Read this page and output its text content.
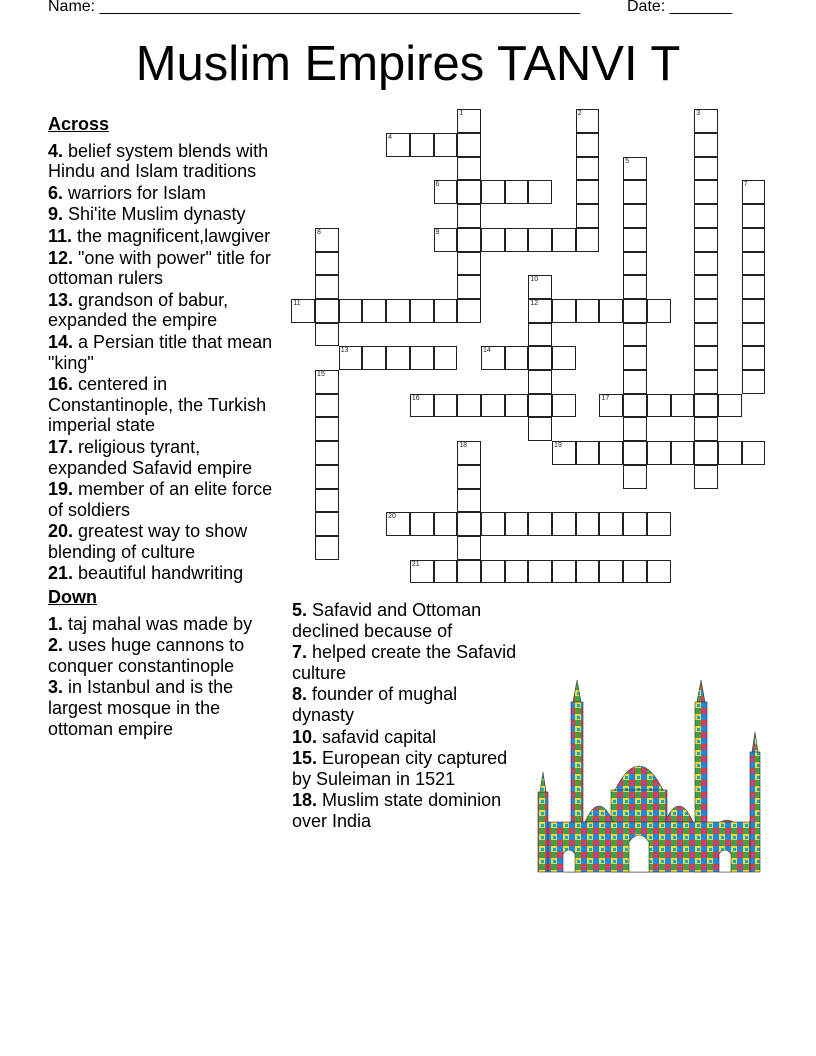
Name: ______________________________________________________	Date: _______
Muslim Empires TANVI T
Across
4. belief system blends with Hindu and Islam traditions
6. warriors for Islam
9. Shi'ite Muslim dynasty
11. the magnificent,lawgiver
12. "one with power" title for ottoman rulers
13. grandson of babur, expanded the empire
14. a Persian title that mean "king"
16. centered in Constantinople, the Turkish imperial state
17. religious tyrant, expanded Safavid empire
19. member of an elite force of soldiers
20. greatest way to show blending of culture
21. beautiful handwriting
Down
1. taj mahal was made by
2. uses huge cannons to conquer constantinople
3. in Istanbul and is the largest mosque in the ottoman empire
5. Safavid and Ottoman declined because of
7. helped create the Safavid culture
8. founder of mughal dynasty
10. safavid capital
15. European city captured by Suleiman in 1521
18. Muslim state dominion over India
4
1	2	3
5
6	7
8	9
10
12
11
13	14
15
16	17
18	19
20
21
